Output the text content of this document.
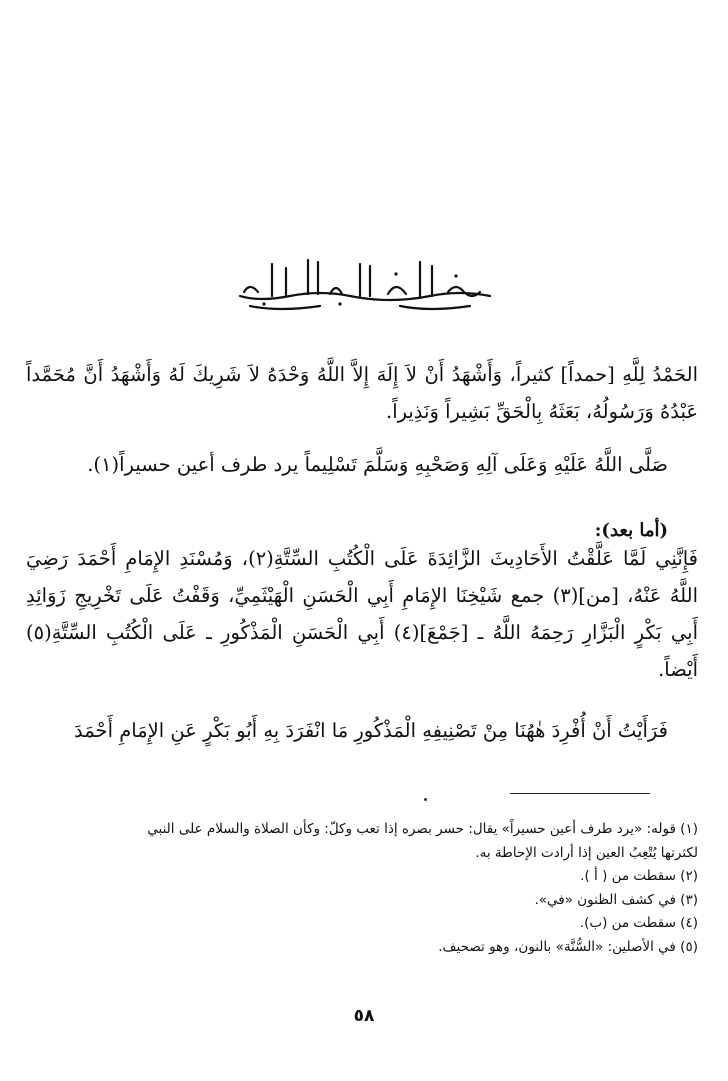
الحَمْدُ لِلَّهِ [حمداً] كثيراً، وَأَشْهَدُ أَنْ لاَ إِلَهَ إِلاَّ اللَّهُ وَحْدَهُ لاَ شَرِيكَ لَهُ وَأَشْهَدُ أَنَّ مُحَمَّداً عَبْدُهُ وَرَسُولُهُ، بَعَثَهُ بِالْحَقِّ بَشِيراً وَنَذِيراً.

صَلَّى اللَّهُ عَلَيْهِ وَعَلَى آلِهِ وَصَحْبِهِ وَسَلَّمَ تَسْلِيماً يرد طرف أعين حسيراً(١).

(أما بعد):

فَإِنَّنِي لَمَّا عَلَّقْتُ الأَحَادِيثَ الزَّائِدَةَ عَلَى الْكُتُبِ السِّتَّةِ(٢)، وَمُسْنَدِ الإِمَامِ أَحْمَدَ رَضِيَ اللَّهُ عَنْهُ، [من](٣) جمع شَيْخِنَا الإِمَامِ أَبِي الْحَسَنِ الْهَيْثَمِيِّ، وَقَفْتُ عَلَى تَخْرِيجِ زَوَائِدِ أَبِي بَكْرٍ الْبَزَّارِ رَحِمَهُ اللَّهُ ـ [جَمْعَ](٤) أَبِي الْحَسَنِ الْمَذْكُورِ ـ عَلَى الْكُتُبِ السِّتَّةِ(٥) أَيْضاً.

فَرَأَيْتُ أَنْ أُفْرِدَ هٰهُنَا مِنْ تَصْنِيفِهِ الْمَذْكُورِ مَا انْفَرَدَ بِهِ أَبُو بَكْرٍ عَنِ الإِمَامِ أَحْمَدَ

(١) قوله: «يرد طرف أعين حسيراً» يقال: حسر بصره إذا تعب وكلّ: وكأن الصلاة والسلام على النبي
لكثرتها يُتْعِبُ العين إذا أرادت الإحاطة به.
(٢) سقطت من ( أ ).
(٣) في كشف الظنون «في».
(٤) سقطت من (ب).
(٥) في الأصلين: «السُّنَّة» بالنون، وهو تصحيف.
٥٨
